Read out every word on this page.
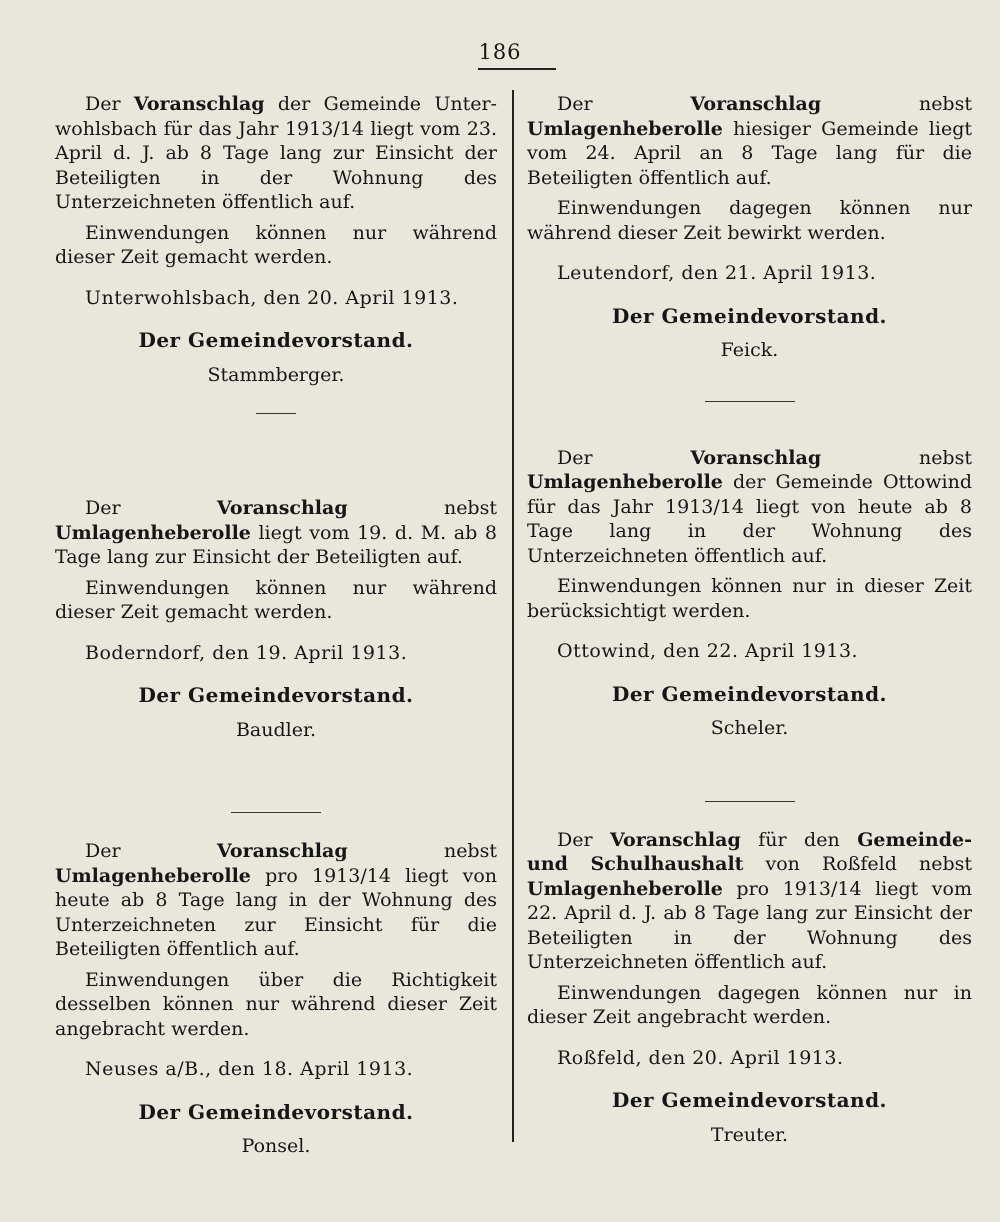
186

Der Voranschlag der Gemeinde Unter-wohlsbach für das Jahr 1913/14 liegt vom 23. April d. J. ab 8 Tage lang zur Einsicht der Beteiligten in der Wohnung des Unterzeichneten öffentlich auf.

Einwendungen können nur während dieser Zeit gemacht werden.

Unterwohlsbach, den 20. April 1913.

Der Gemeindevorstand.

Stammberger.

Der Voranschlag nebst Umlagenheberolle liegt vom 19. d. M. ab 8 Tage lang zur Einsicht der Beteiligten auf.

Einwendungen können nur während dieser Zeit gemacht werden.

Boderndorf, den 19. April 1913.

Der Gemeindevorstand.

Baudler.

Der Voranschlag nebst Umlagenheberolle pro 1913/14 liegt von heute ab 8 Tage lang in der Wohnung des Unterzeichneten zur Einsicht für die Beteiligten öffentlich auf.

Einwendungen über die Richtigkeit desselben können nur während dieser Zeit angebracht werden.

Neuses a/B., den 18. April 1913.

Der Gemeindevorstand.

Ponsel.

Der Voranschlag nebst Umlagenheberolle hiesiger Gemeinde liegt vom 24. April an 8 Tage lang für die Beteiligten öffentlich auf.

Einwendungen dagegen können nur während dieser Zeit bewirkt werden.

Leutendorf, den 21. April 1913.

Der Gemeindevorstand.

Feick.

Der Voranschlag nebst Umlagenheberolle der Gemeinde Ottowind für das Jahr 1913/14 liegt von heute ab 8 Tage lang in der Wohnung des Unterzeichneten öffentlich auf.

Einwendungen können nur in dieser Zeit berücksichtigt werden.

Ottowind, den 22. April 1913.

Der Gemeindevorstand.

Scheler.

Der Voranschlag für den Gemeinde- und Schulhaushalt von Roßfeld nebst Umlagenheberolle pro 1913/14 liegt vom 22. April d. J. ab 8 Tage lang zur Einsicht der Beteiligten in der Wohnung des Unterzeichneten öffentlich auf.

Einwendungen dagegen können nur in dieser Zeit angebracht werden.

Roßfeld, den 20. April 1913.

Der Gemeindevorstand.

Treuter.
